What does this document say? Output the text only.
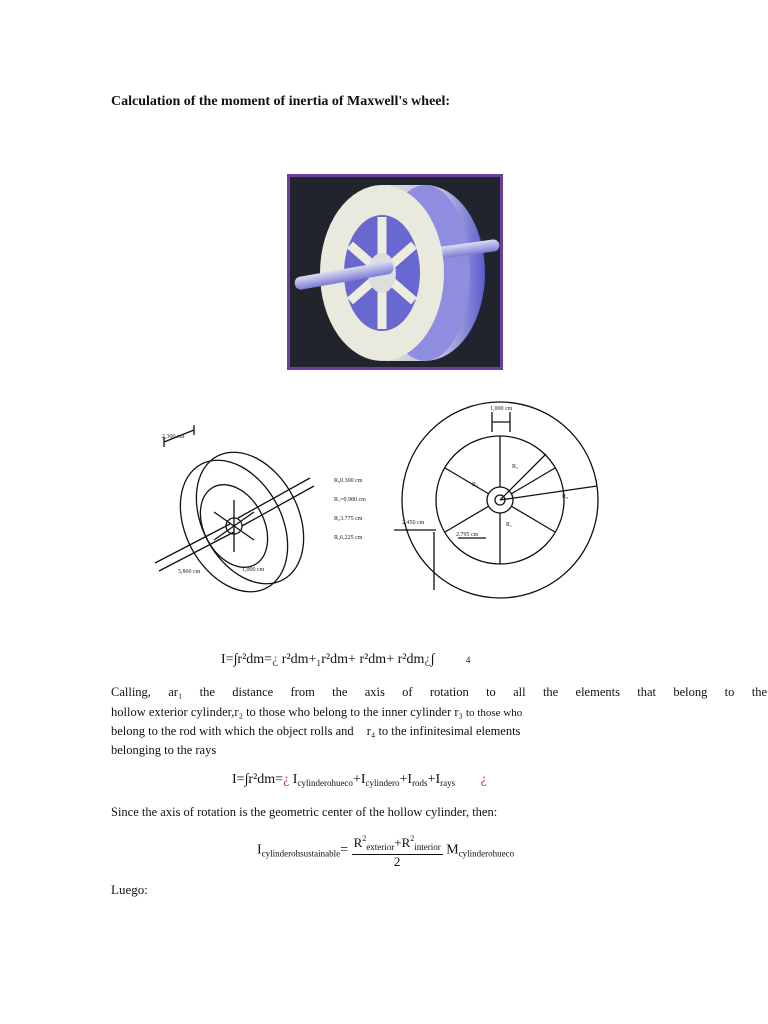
Calculation of the moment of inertia of Maxwell's wheel:
2,300 cm
5,860 cm	1,000 cm
R₀0.300 cm
R₁=0.980 cm
R₂3.775 cm
R₃6,225 cm
1,000 cm
2,450 cm
2.795 cm
R₂
R₃
R₄
R₁
I=∫r²dm=¿ r²dm+₁r²dm+ r²dm+ r²dm¿∫	4
Calling, ar₁ the distance from the axis of rotation to all the elements that belong to the
hollow exterior cylinder,r₂ to those who belong to the inner cylinder r₃ to those who
belong to the rod with which the object rolls and r₄ to the infinitesimal elements
belonging to the rays
I=∫r²dm=¿ $I_{cylinderohueco}+I_{cylindero}+I_{rods}+I_{rays}$ ¿
Since the axis of rotation is the geometric center of the hollow cylinder, then:
$I_{cylinderohsustainable}= \frac{R^2_{exterior}+R^2_{interior}}{2} M_{cylinderohueco}$
Luego:
